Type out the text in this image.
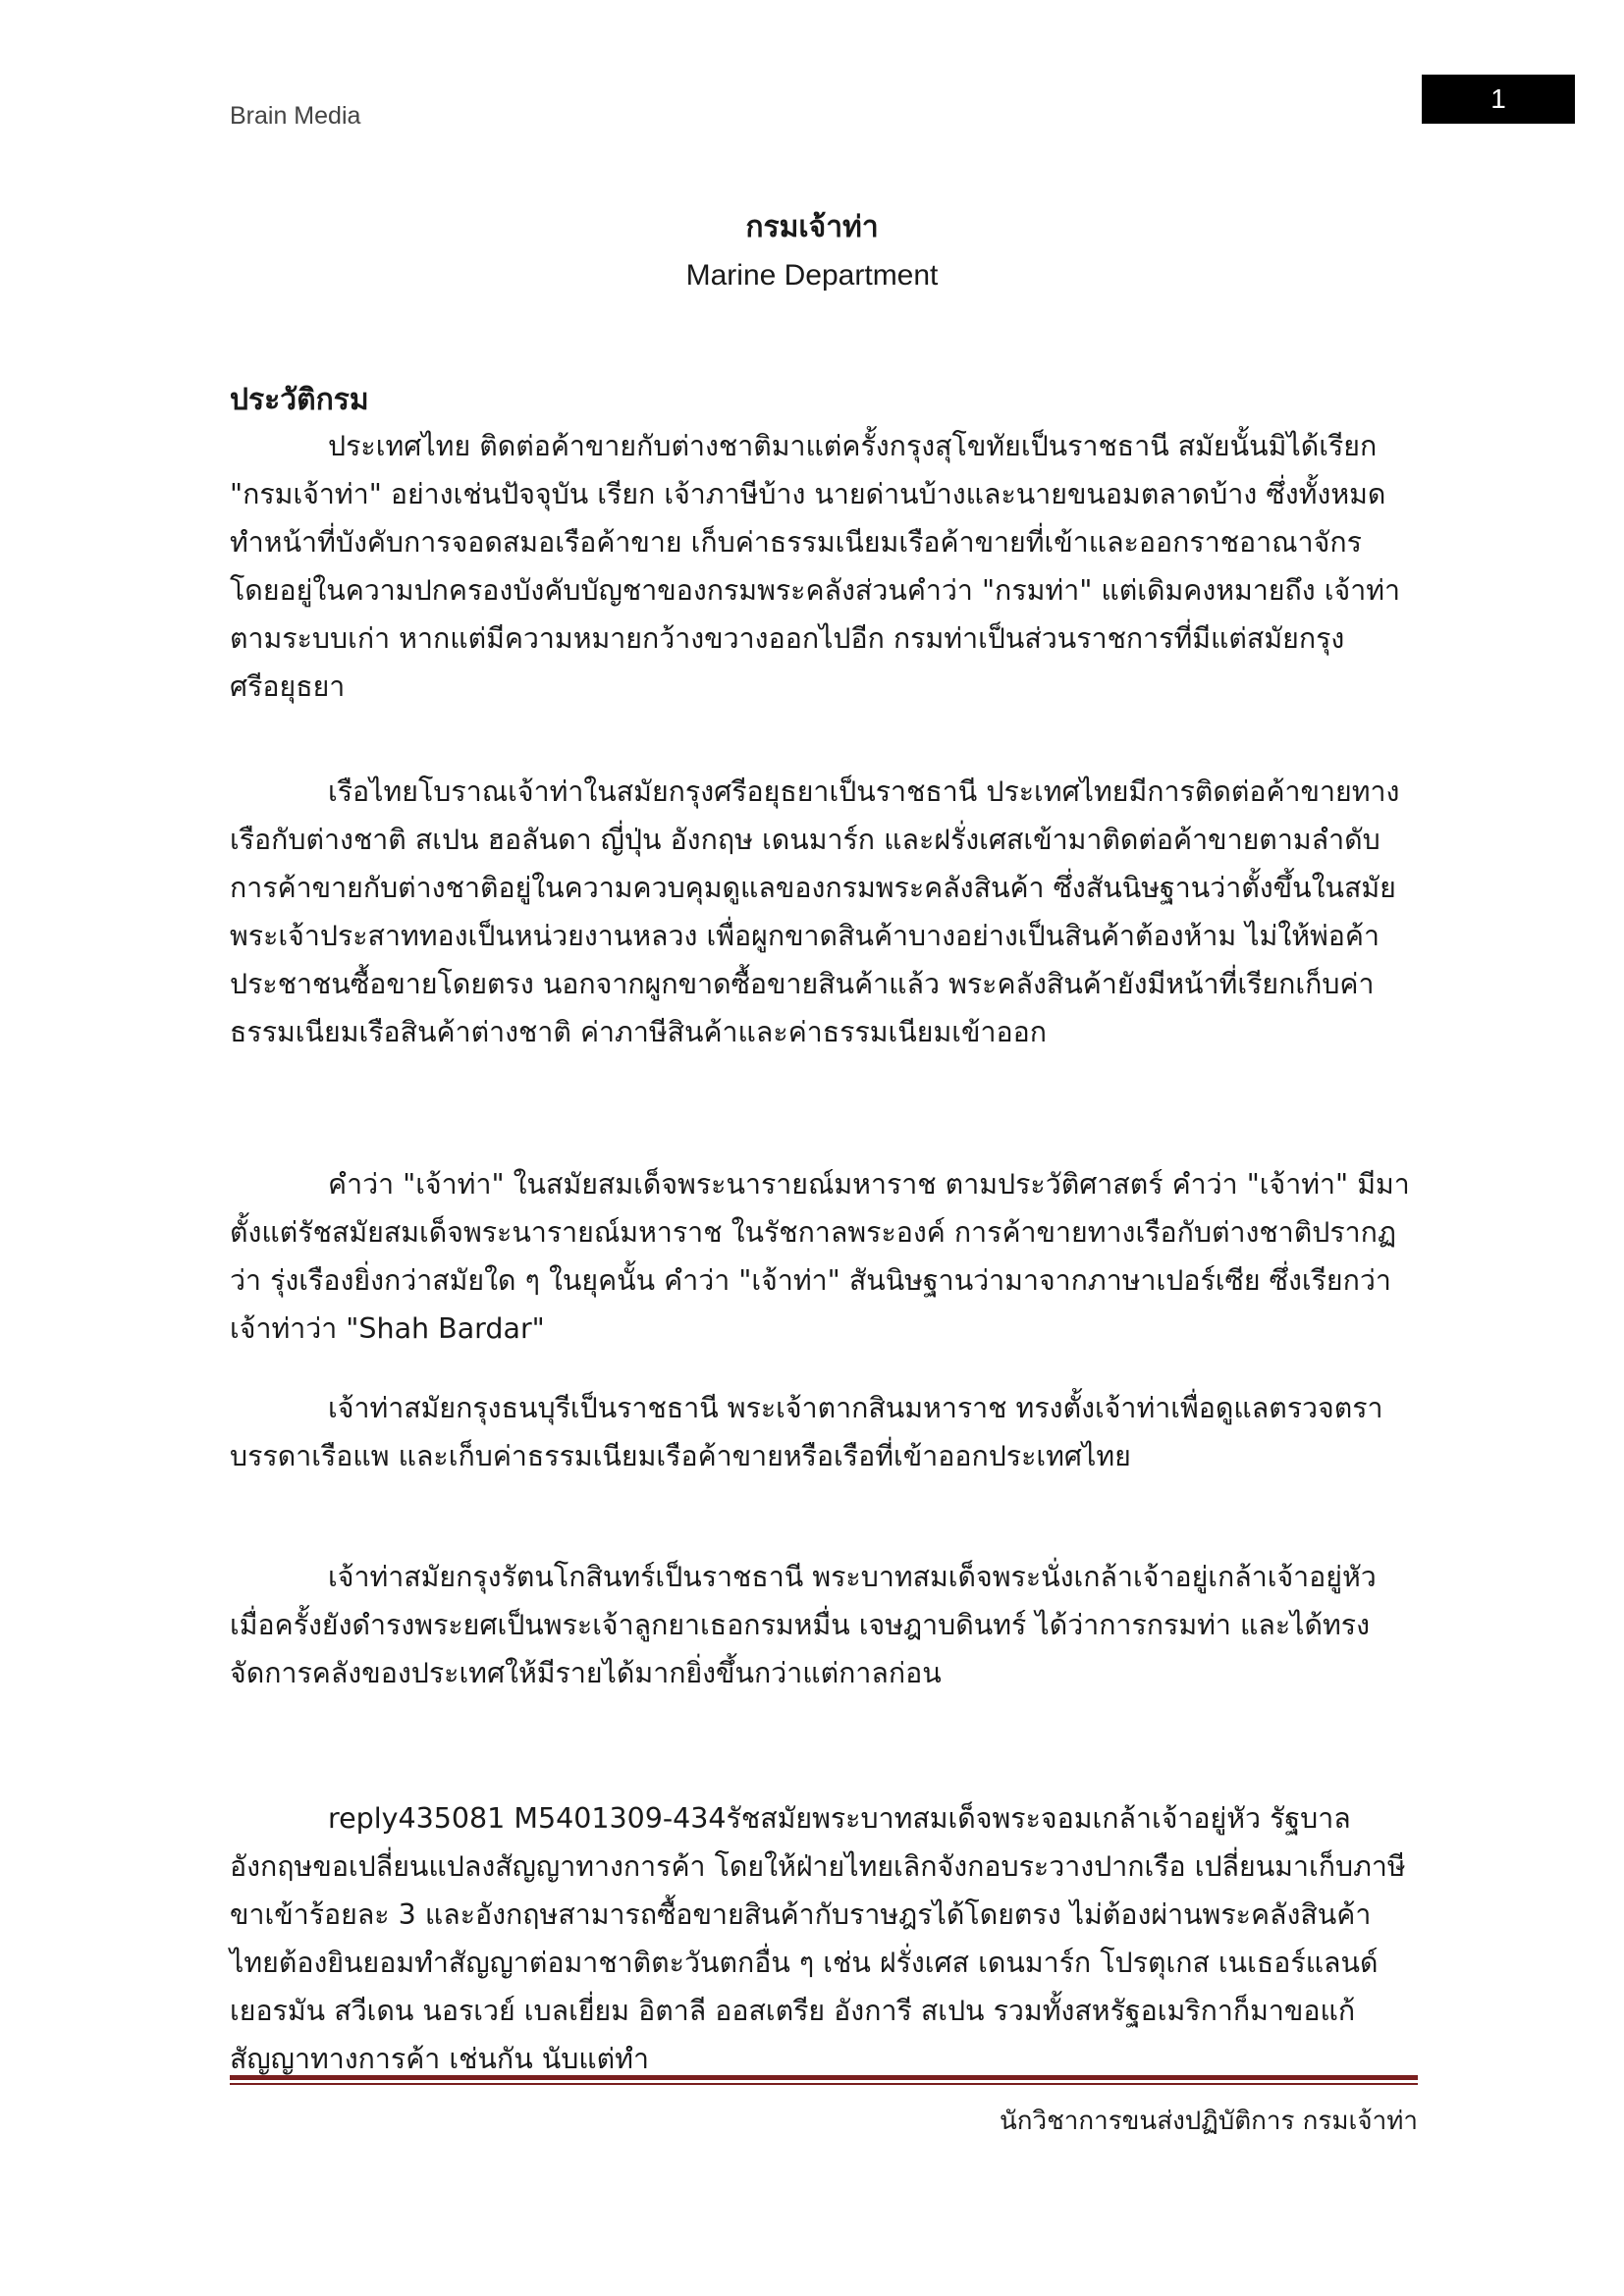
Brain Media
1
กรมเจ้าท่า
Marine Department
ประวัติกรม

ประเทศไทย ติดต่อค้าขายกับต่างชาติมาแต่ครั้งกรุงสุโขทัยเป็นราชธานี สมัยนั้นมิได้เรียก "กรมเจ้าท่า" อย่างเช่นปัจจุบัน เรียก เจ้าภาษีบ้าง นายด่านบ้างและนายขนอมตลาดบ้าง ซึ่งทั้งหมดทำหน้าที่บังคับการจอดสมอเรือค้าขาย เก็บค่าธรรมเนียมเรือค้าขายที่เข้าและออกราชอาณาจักร โดยอยู่ในความปกครองบังคับบัญชาของกรมพระคลังส่วนคำว่า "กรมท่า" แต่เดิมคงหมายถึง เจ้าท่าตามระบบเก่า หากแต่มีความหมายกว้างขวางออกไปอีก กรมท่าเป็นส่วนราชการที่มีแต่สมัยกรุงศรีอยุธยา

เรือไทยโบราณเจ้าท่าในสมัยกรุงศรีอยุธยาเป็นราชธานี ประเทศไทยมีการติดต่อค้าขายทางเรือกับต่างชาติ สเปน ฮอลันดา ญี่ปุ่น อังกฤษ เดนมาร์ก และฝรั่งเศสเข้ามาติดต่อค้าขายตามลำดับการค้าขายกับต่างชาติอยู่ในความควบคุมดูแลของกรมพระคลังสินค้า ซึ่งสันนิษฐานว่าตั้งขึ้นในสมัยพระเจ้าประสาททองเป็นหน่วยงานหลวง เพื่อผูกขาดสินค้าบางอย่างเป็นสินค้าต้องห้าม ไม่ให้พ่อค้าประชาชนซื้อขายโดยตรง นอกจากผูกขาดซื้อขายสินค้าแล้ว พระคลังสินค้ายังมีหน้าที่เรียกเก็บค่าธรรมเนียมเรือสินค้าต่างชาติ ค่าภาษีสินค้าและค่าธรรมเนียมเข้าออก

คำว่า "เจ้าท่า" ในสมัยสมเด็จพระนารายณ์มหาราช ตามประวัติศาสตร์ คำว่า "เจ้าท่า" มีมาตั้งแต่รัชสมัยสมเด็จพระนารายณ์มหาราช ในรัชกาลพระองค์ การค้าขายทางเรือกับต่างชาติปรากฏว่า รุ่งเรืองยิ่งกว่าสมัยใด ๆ ในยุคนั้น คำว่า "เจ้าท่า" สันนิษฐานว่ามาจากภาษาเปอร์เซีย ซึ่งเรียกว่าเจ้าท่าว่า "Shah Bardar"

เจ้าท่าสมัยกรุงธนบุรีเป็นราชธานี พระเจ้าตากสินมหาราช ทรงตั้งเจ้าท่าเพื่อดูแลตรวจตราบรรดาเรือแพ และเก็บค่าธรรมเนียมเรือค้าขายหรือเรือที่เข้าออกประเทศไทย

เจ้าท่าสมัยกรุงรัตนโกสินทร์เป็นราชธานี พระบาทสมเด็จพระนั่งเกล้าเจ้าอยู่เกล้าเจ้าอยู่หัว เมื่อครั้งยังดำรงพระยศเป็นพระเจ้าลูกยาเธอกรมหมื่น เจษฎาบดินทร์ ได้ว่าการกรมท่า และได้ทรงจัดการคลังของประเทศให้มีรายได้มากยิ่งขึ้นกว่าแต่กาลก่อน

reply435081 M5401309-434รัชสมัยพระบาทสมเด็จพระจอมเกล้าเจ้าอยู่หัว รัฐบาลอังกฤษขอเปลี่ยนแปลงสัญญาทางการค้า โดยให้ฝ่ายไทยเลิกจังกอบระวางปากเรือ เปลี่ยนมาเก็บภาษีขาเข้าร้อยละ 3 และอังกฤษสามารถซื้อขายสินค้ากับราษฎรได้โดยตรง ไม่ต้องผ่านพระคลังสินค้าไทยต้องยินยอมทำสัญญาต่อมาชาติตะวันตกอื่น ๆ เช่น ฝรั่งเศส เดนมาร์ก โปรตุเกส เนเธอร์แลนด์ เยอรมัน สวีเดน นอรเวย์ เบลเยี่ยม อิตาลี ออสเตรีย อังการี สเปน รวมทั้งสหรัฐอเมริกาก็มาขอแก้สัญญาทางการค้า เช่นกัน นับแต่ทำ

นักวิชาการขนส่งปฏิบัติการ กรมเจ้าท่า
